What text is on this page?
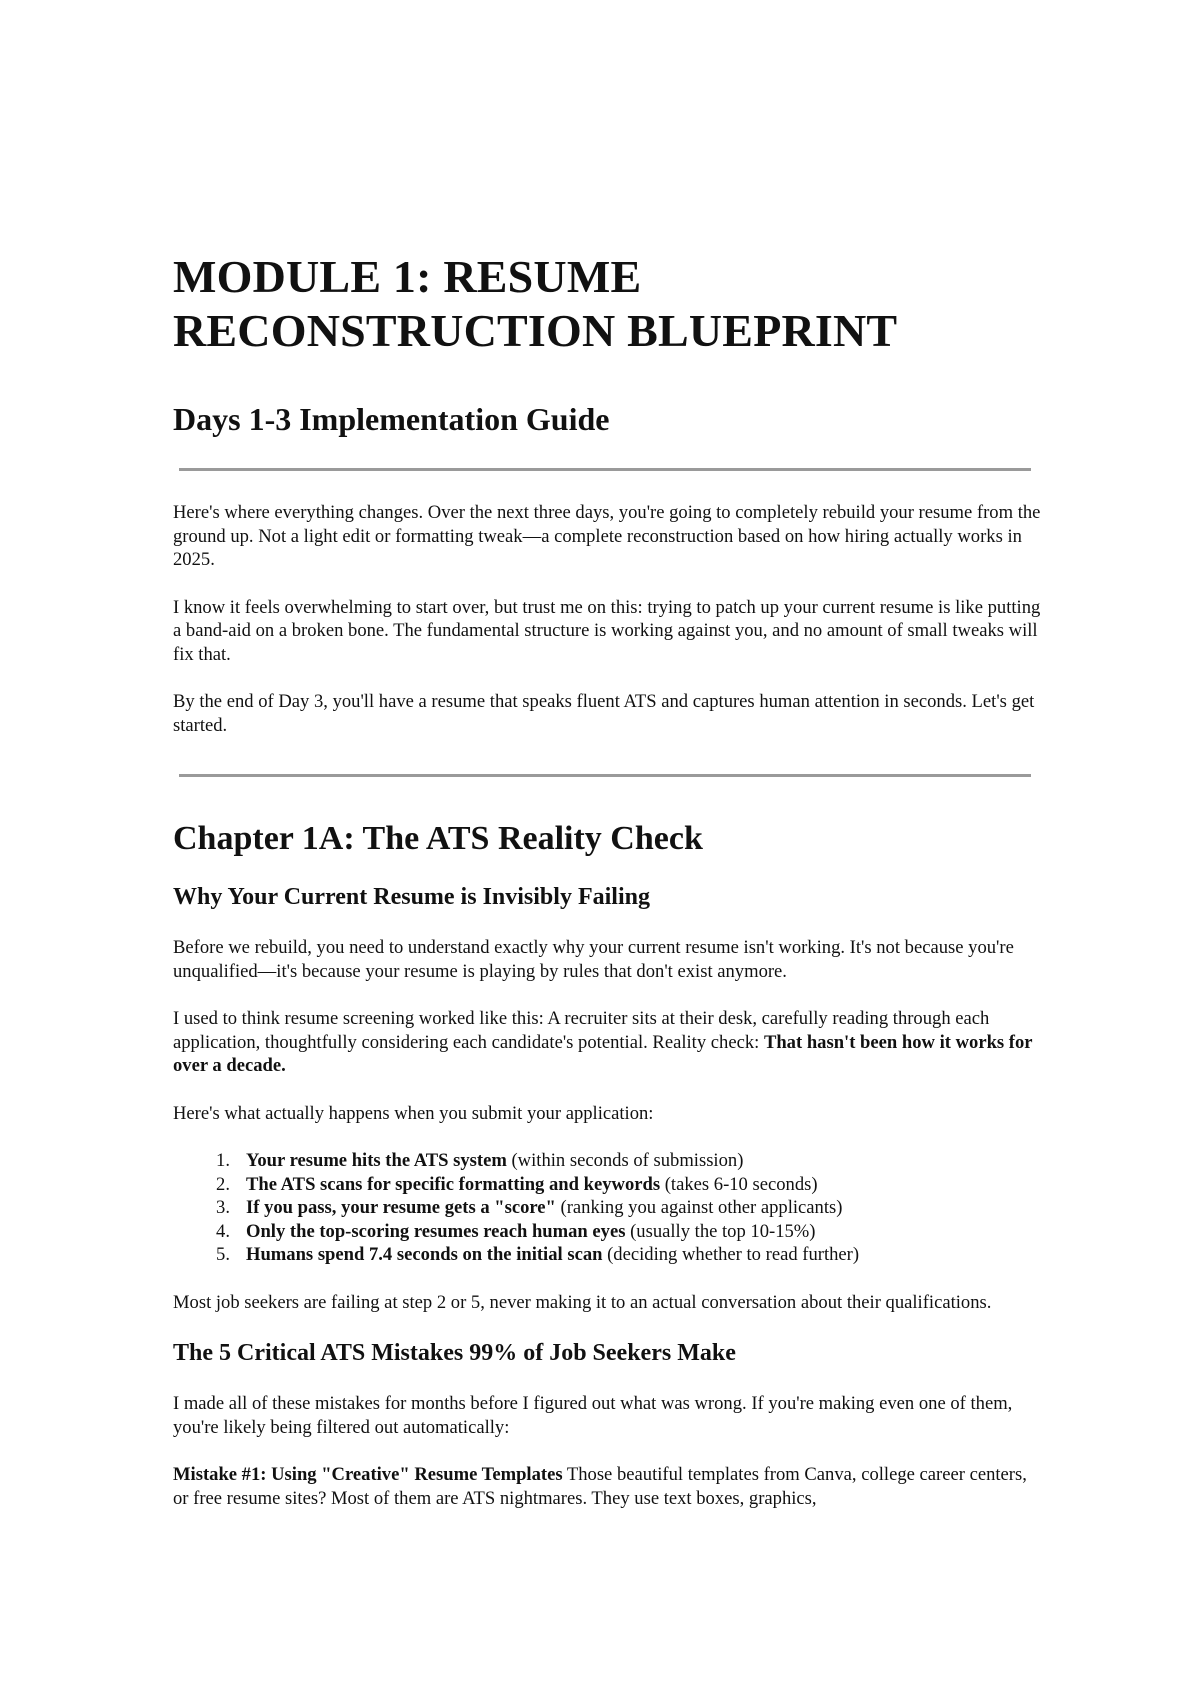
MODULE 1: RESUME
RECONSTRUCTION BLUEPRINT
Days 1-3 Implementation Guide

Here's where everything changes. Over the next three days, you're going to completely rebuild your resume from the ground up. Not a light edit or formatting tweak—a complete reconstruction based on how hiring actually works in 2025.

I know it feels overwhelming to start over, but trust me on this: trying to patch up your current resume is like putting a band-aid on a broken bone. The fundamental structure is working against you, and no amount of small tweaks will fix that.

By the end of Day 3, you'll have a resume that speaks fluent ATS and captures human attention in seconds. Let's get started.

Chapter 1A: The ATS Reality Check
Why Your Current Resume is Invisibly Failing

Before we rebuild, you need to understand exactly why your current resume isn't working. It's not because you're unqualified—it's because your resume is playing by rules that don't exist anymore.

I used to think resume screening worked like this: A recruiter sits at their desk, carefully reading through each application, thoughtfully considering each candidate's potential. Reality check: That hasn't been how it works for over a decade.

Here's what actually happens when you submit your application:

1. Your resume hits the ATS system (within seconds of submission)
2. The ATS scans for specific formatting and keywords (takes 6-10 seconds)
3. If you pass, your resume gets a "score" (ranking you against other applicants)
4. Only the top-scoring resumes reach human eyes (usually the top 10-15%)
5. Humans spend 7.4 seconds on the initial scan (deciding whether to read further)

Most job seekers are failing at step 2 or 5, never making it to an actual conversation about their qualifications.

The 5 Critical ATS Mistakes 99% of Job Seekers Make

I made all of these mistakes for months before I figured out what was wrong. If you're making even one of them, you're likely being filtered out automatically:

Mistake #1: Using "Creative" Resume Templates Those beautiful templates from Canva, college career centers, or free resume sites? Most of them are ATS nightmares. They use text boxes, graphics,
